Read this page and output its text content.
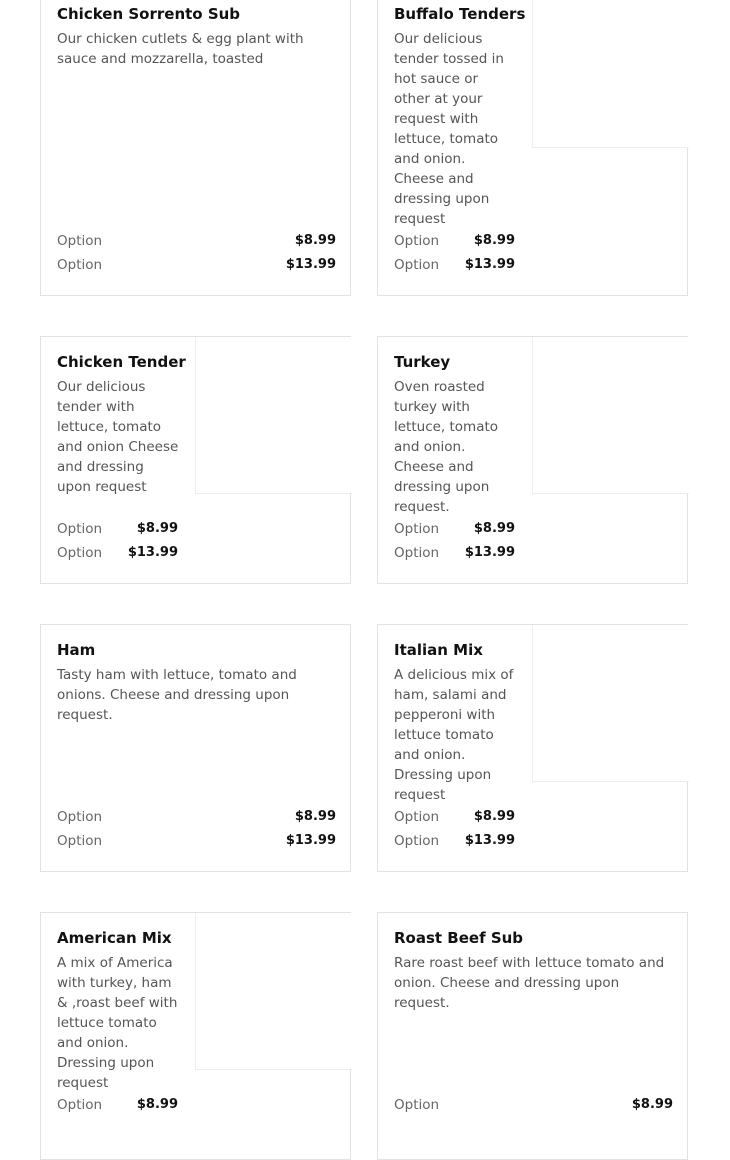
Chicken Sorrento Sub
Our chicken cutlets & egg plant with sauce and mozzarella, toasted
Option	$8.99
Option	$13.99
Buffalo Tenders
Our delicious tender tossed in hot sauce or other at your request with lettuce, tomato and onion. Cheese and dressing upon request
Option	$8.99
Option $13.99
Chicken Tender
Our delicious tender with lettuce, tomato and onion Cheese and dressing upon request
Option	$8.99
Option $13.99
Turkey
Oven roasted turkey with lettuce, tomato and onion. Cheese and dressing upon request.
Option	$8.99
Option $13.99
Ham
Tasty ham with lettuce, tomato and onions. Cheese and dressing upon request.
Option	$8.99
Option	$13.99
Italian Mix
A delicious mix of ham, salami and pepperoni with lettuce tomato and onion. Dressing upon request
Option	$8.99
Option $13.99
American Mix
A mix of America with turkey, ham & ,roast beef with lettuce tomato and onion. Dressing upon request
Option	$8.99
Roast Beef Sub
Rare roast beef with lettuce tomato and onion. Cheese and dressing upon request.
Option	$8.99
